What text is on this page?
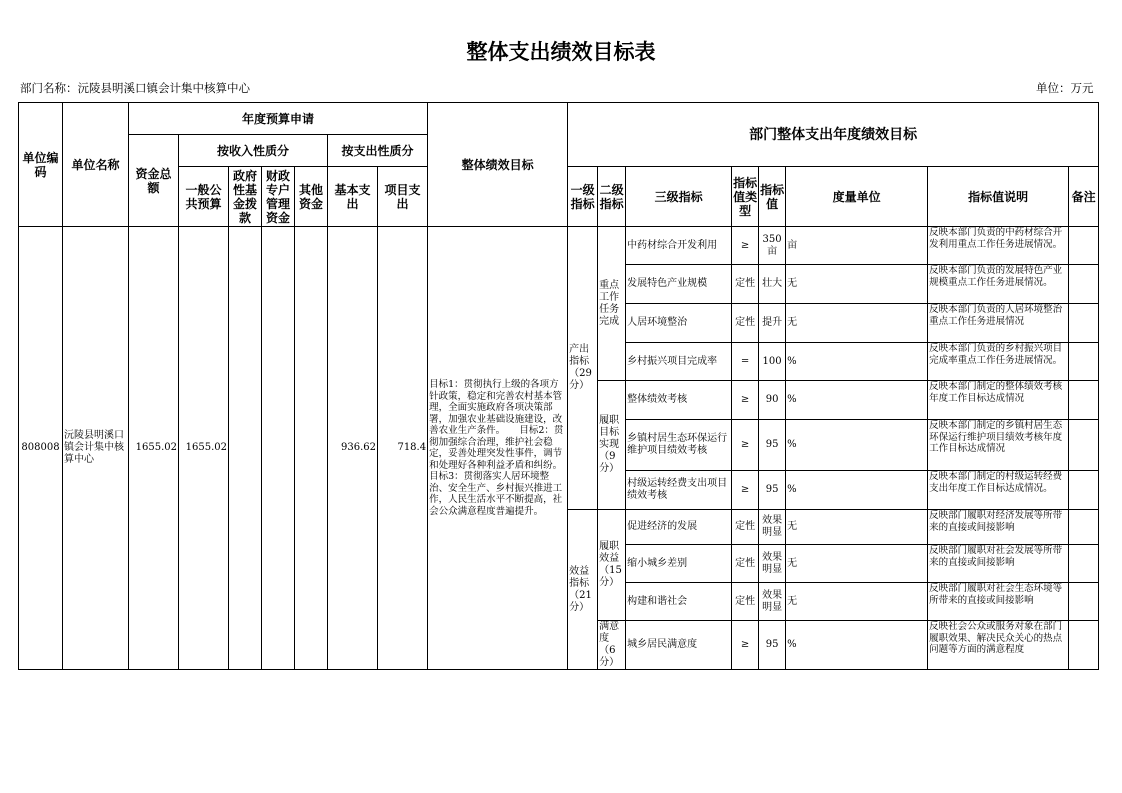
整体支出绩效目标表
部门名称：沅陵县明溪口镇会计集中核算中心	单位：万元
单位编码	单位名称	年度预算申请							整体绩效目标	部门整体支出年度绩效目标							
		资金总额	按收入性质分				按支出性质分										
			一般公共预算	政府性基金拨款	财政专户管理资金	其他资金	基本支出	项目支出		一级指标	二级指标	三级指标	指标值类型	指标值	度量单位	指标值说明	备注

808008	沅陵县明溪口镇会计集中核算中心	1655.02	1655.02				936.62	718.4	目标1：贯彻执行上级的各项方针政策，稳定和完善农村基本管理，全面实施政府各项决策部署，加强农业基础设施建设，改善农业生产条件。　　目标2：贯彻加强综合治理，维护社会稳定，妥善处理突发性事件，调节和处理好各种利益矛盾和纠纷。　目标3：贯彻落实人居环境整治、安全生产、乡村振兴推进工作，人民生活水平不断提高，社会公众满意程度普遍提升。	产出指标（29分）	重点工作任务完成	中药材综合开发利用	≥	350亩	亩	反映本部门负责的中药材综合开发利用重点工作任务进展情况。	
												发展特色产业规模	定性	壮大	无	反映本部门负责的发展特色产业规模重点工作任务进展情况。	
												人居环境整治	定性	提升	无	反映本部门负责的人居环境整治重点工作任务进展情况	
												乡村振兴项目完成率	=	100	%	反映本部门负责的乡村振兴项目完成率重点工作任务进展情况。	
											履职目标实现（9分）	整体绩效考核	≥	90	%	反映本部门制定的整体绩效考核年度工作目标达成情况	
												乡镇村居生态环保运行维护项目绩效考核	≥	95	%	反映本部门制定的乡镇村居生态环保运行维护项目绩效考核年度工作目标达成情况	
												村级运转经费支出项目绩效考核	≥	95	%	反映本部门制定的村级运转经费支出年度工作目标达成情况。	
										效益指标（21分）	履职效益（15分）	促进经济的发展	定性	效果明显	无	反映部门履职对经济发展等所带来的直接或间接影响	
												缩小城乡差别	定性	效果明显	无	反映部门履职对社会发展等所带来的直接或间接影响	
												构建和谐社会	定性	效果明显	无	反映部门履职对社会生态环境等所带来的直接或间接影响	
											满意度（6分）	城乡居民满意度	≥	95	%	反映社会公众或服务对象在部门履职效果、解决民众关心的热点问题等方面的满意程度	
